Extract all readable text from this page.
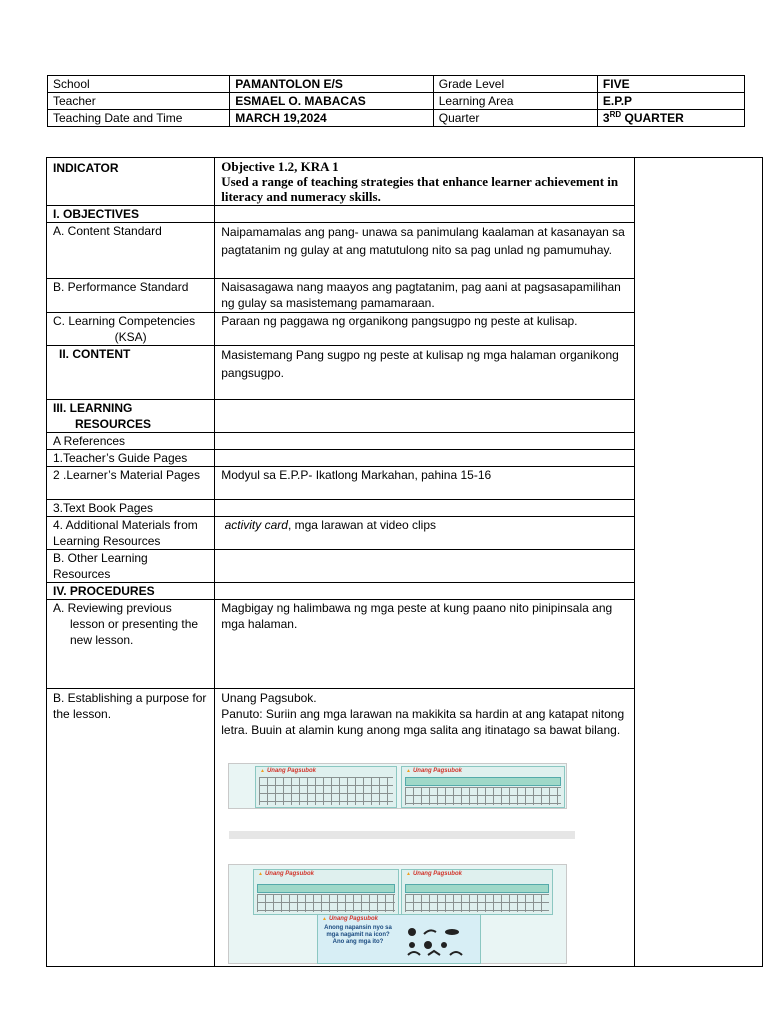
School	PAMANTOLON E/S	Grade Level	FIVE
Teacher	ESMAEL O. MABACAS	Learning Area	E.P.P
Teaching Date and Time	MARCH 19,2024	Quarter	3RD QUARTER
INDICATOR	Objective 1.2, KRA 1
Used a range of teaching strategies that enhance learner achievement in literacy and numeracy skills.	

I. OBJECTIVES		
A. Content Standard	Naipamamalas ang pang- unawa sa panimulang kaalaman at kasanayan sa pagtatanim ng gulay at ang matutulong nito sa pag unlad ng pamumuhay.	
B. Performance Standard	Naisasagawa nang maayos ang pagtatanim, pag aani at pagsasapamilihan ng gulay sa masistemang pamamaraan.	

C. Learning Competencies
(KSA)	Paraan ng paggawa ng organikong pangsugpo ng peste at kulisap.	
II. CONTENT	Masistemang Pang sugpo ng peste at kulisap ng mga halaman organikong pangsugpo.	

III. LEARNING
RESOURCES		

A References		
1.Teacher’s Guide Pages		
2 .Learner’s Material Pages	Modyul sa E.P.P- Ikatlong Markahan, pahina 15-16	
3.Text Book Pages		
4. Additional Materials from Learning Resources	activity card, mga larawan at video clips	
B. Other Learning Resources		
IV. PROCEDURES		

A. Reviewing previous lesson or presenting the new lesson.	Magbigay ng halimbawa ng mga peste at kung paano nito pinipinsala ang mga halaman.	
B. Establishing a purpose for the lesson.	Unang Pagsubok.
Panuto: Suriin ang mga larawan na makikita sa hardin at ang katapat nitong letra. Buuin at alamin kung anong mga salita ang itinatago sa bawat bilang.	
▲ Unang Pagsubok	▲ Unang Pagsubok
▲ Unang Pagsubok	▲ Unang Pagsubok
▲ Unang Pagsubok
Anong napansin nyo sa mga nagamit na icon? Ano ang mga ito?
